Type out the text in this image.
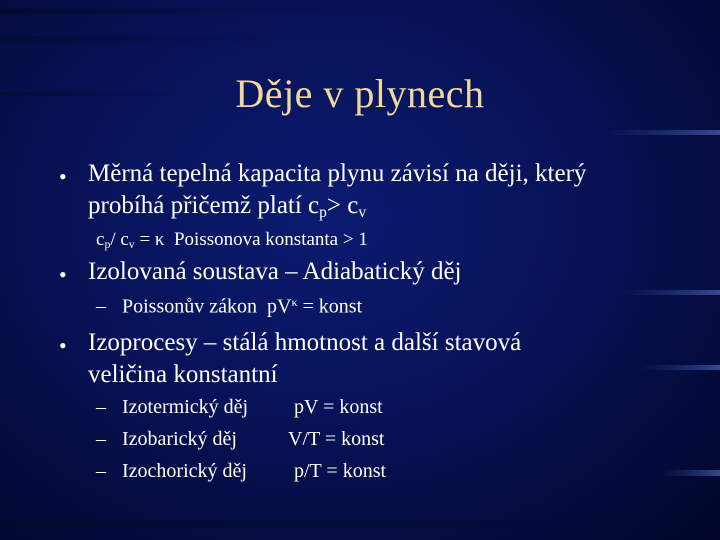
Děje v plynech
• Měrná tepelná kapacita plynu závisí na ději, který
probíhá přičemž platí $c_p> c_v$
$c_p/$ $c_v = \kappa$  Poissonova konstanta > 1
• Izolovaná soustava – Adiabatický děj
– Poissonův zákon $pV^\kappa$ = konst
• Izoprocesy – stálá hmotnost a další stavová
veličina konstantní
– Izotermický děj pV = konst
– Izobarický děj	V/T = konst
– Izochorický děj p/T = konst
